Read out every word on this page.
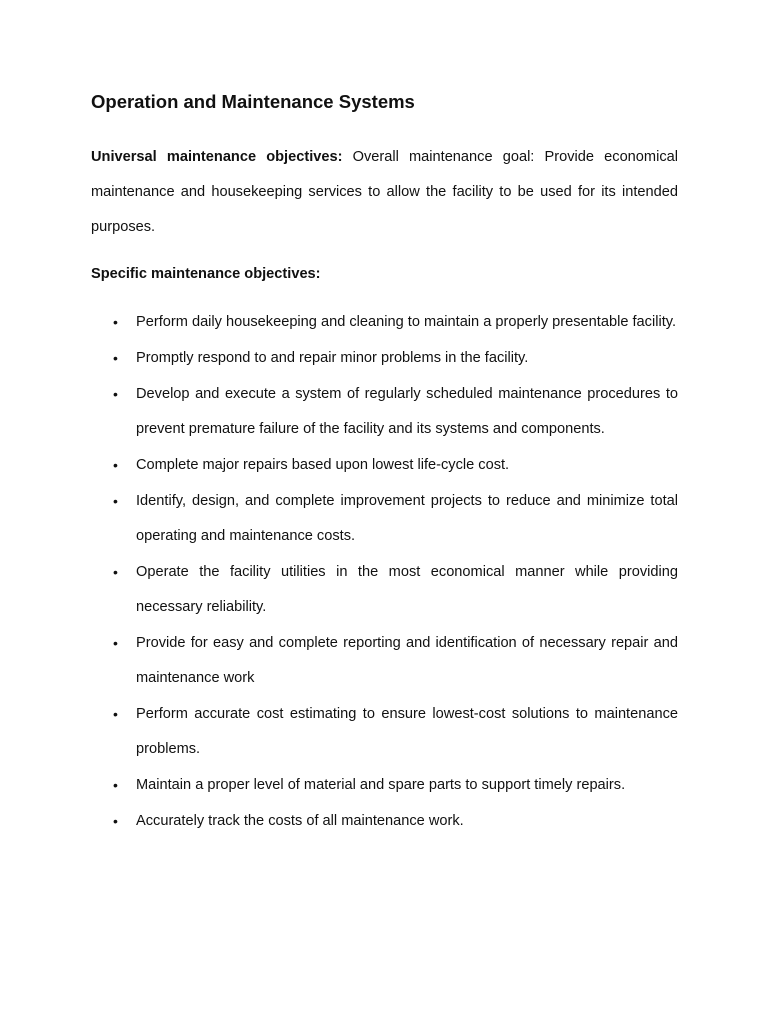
Operation and Maintenance Systems

Universal maintenance objectives: Overall maintenance goal: Provide economical maintenance and housekeeping services to allow the facility to be used for its intended purposes.

Specific maintenance objectives:
• Perform daily housekeeping and cleaning to maintain a properly presentable facility.
• Promptly respond to and repair minor problems in the facility.
• Develop and execute a system of regularly scheduled maintenance procedures to prevent premature failure of the facility and its systems and components.
• Complete major repairs based upon lowest life-cycle cost.
• Identify, design, and complete improvement projects to reduce and minimize total operating and maintenance costs.
• Operate the facility utilities in the most economical manner while providing necessary reliability.
• Provide for easy and complete reporting and identification of necessary repair and maintenance work
• Perform accurate cost estimating to ensure lowest-cost solutions to maintenance problems.
• Maintain a proper level of material and spare parts to support timely repairs.
• Accurately track the costs of all maintenance work.
